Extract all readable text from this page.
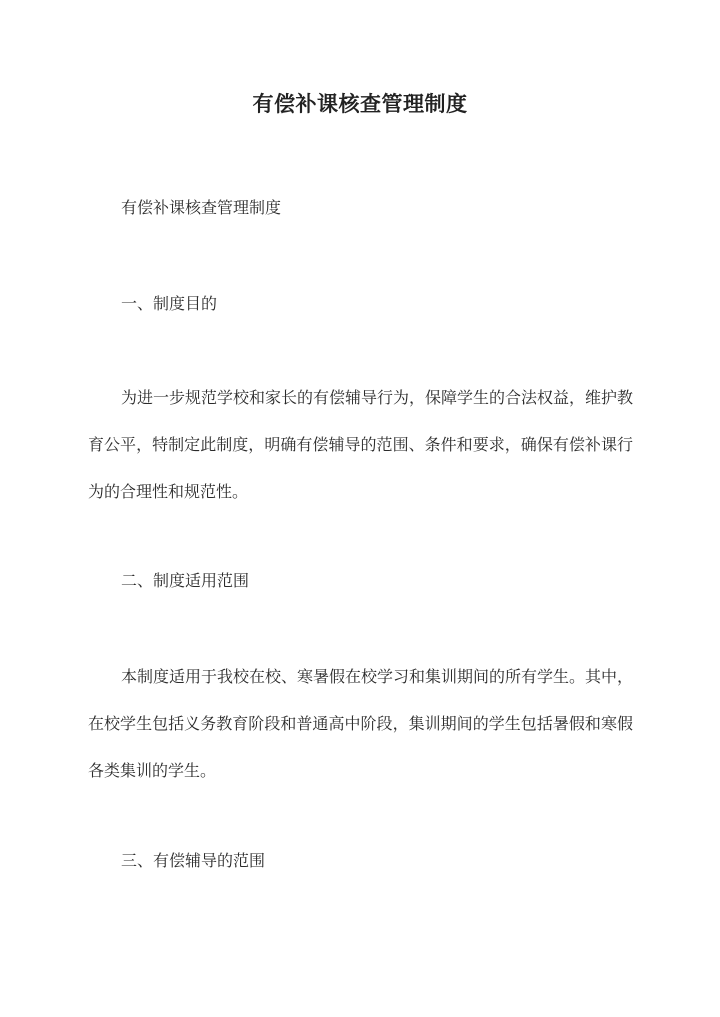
有偿补课核查管理制度
有偿补课核查管理制度
一、制度目的
为进一步规范学校和家长的有偿辅导行为，保障学生的合法权益，维护教育公平，特制定此制度，明确有偿辅导的范围、条件和要求，确保有偿补课行为的合理性和规范性。
二、制度适用范围
本制度适用于我校在校、寒暑假在校学习和集训期间的所有学生。其中，在校学生包括义务教育阶段和普通高中阶段，集训期间的学生包括暑假和寒假各类集训的学生。
三、有偿辅导的范围
